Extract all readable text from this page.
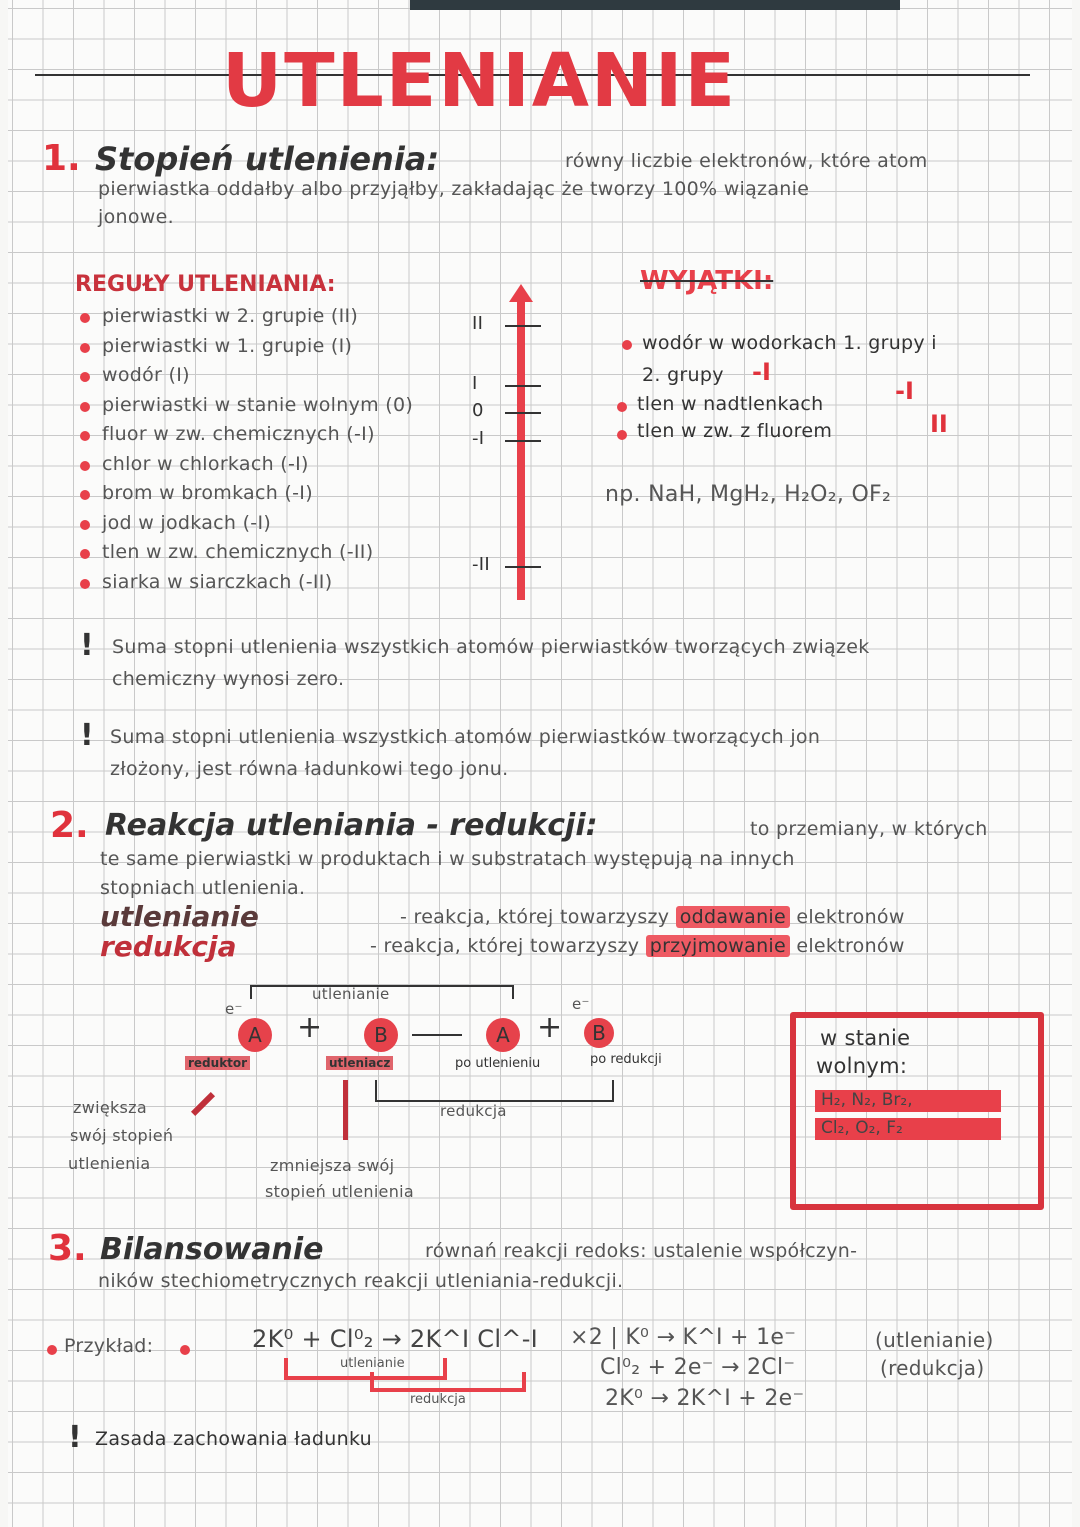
UTLENIANIE
1. Stopień utlenienia:	równy liczbie elektronów, które atom
pierwiastka oddałby albo przyjąłby, zakładając że tworzy 100% wiązanie
jonowe.
REGUŁY UTLENIANIA:
pierwiastki w 2. grupie (II)
pierwiastki w 1. grupie (I)
wodór (I)
pierwiastki w stanie wolnym (0)
fluor w zw. chemicznych (-I)
chlor w chlorkach (-I)
brom w bromkach (-I)
jod w jodkach (-I)
tlen w zw. chemicznych (-II)
siarka w siarczkach (-II)
II
I
0
-I
-II
WYJĄTKI:
wodór w wodorkach 1. grupy i
2. grupy -I
tlen w nadtlenkach	-I
tlen w zw. z fluorem	II
np. NaH, MgH₂, H₂O₂, OF₂
! Suma stopni utlenienia wszystkich atomów pierwiastków tworzących związek
chemiczny wynosi zero.
! Suma stopni utlenienia wszystkich atomów pierwiastków tworzących jon
złożony, jest równa ładunkowi tego jonu.
2. Reakcja utleniania - redukcji:	to przemiany, w których
te same pierwiastki w produktach i w substratach występują na innych
stopniach utlenienia.
utlenianie	- reakcja, której towarzyszy oddawanie elektronów
redukcja	- reakcja, której towarzyszy przyjmowanie elektronów
utlenianie
e⁻
A	+	B	A +
e⁻
B
reduktor	utleniacz	po utlenieniu	po redukcji
redukcja
zwiększa
swój stopień
utlenienia	zmniejsza swój
stopień utlenienia
w stanie
wolnym:
H₂, N₂, Br₂,
Cl₂, O₂, F₂
3. Bilansowanie	równań reakcji redoks: ustalenie współczyn-
ników stechiometrycznych reakcji utleniania-redukcji.
Przykład:	2K⁰ + Cl⁰₂ → 2K^I Cl^-I
utlenianie
redukcja
×2 | K⁰ → K^I + 1e⁻	(utlenianie)
Cl⁰₂ + 2e⁻ → 2Cl⁻	(redukcja)
2K⁰ → 2K^I + 2e⁻
! Zasada zachowania ładunku
